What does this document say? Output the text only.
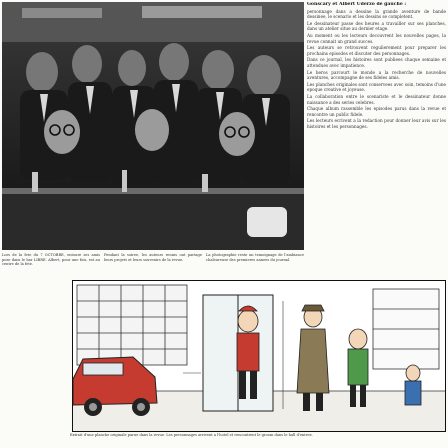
Gonscary et Albert Uderzo de gauche :

personnage dans a dessine la grande aventure de bande dessinee, le scenario et les dessins se completent.

Le dessinateur passe des heures a travailler sur ses planches, dans un atelier situe au dernier etage.

Au moment ou les lecteurs decouvrent les nouvelles pages, la revue connait un grand succes.

Les auteurs se retrouvent regulierement pour preparer les prochains episodes et discuter des personnages.

Dans ce journal, les histoires sont publiees chaque semaine et attendues avec impatience.

Le heros parcourt le monde a la recherche de nouvelles aventures, accompagne de ses fideles amis.

Les planches originales sont conservees avec soin, temoins d'une epoque creative et joyeuse.

La collaboration entre le scenariste et le dessinateur donne naissance a des series celebres.

Chaque album rassemble les episodes parus dans la revue et rencontre un public fidele.

Les lecteurs ecrivent a la redaction pour donner leur avis sur les histoires et les personnages.

Lors de la fete du 7 OCTOBRE, entoure ses amis pose dans le bar LIBRE. Albert, pour une fois, est au centre de la fete.
Pendant la soiree, les auteurs reunis ont partage leurs projets et leurs souvenirs de la revue.
La photographie reste un temoignage de l'ambiance chaleureuse des premieres annees du journal.
Extrait d'une planche originale parue dans la revue. Les personnages arrivent a l'hotel et rencontrent le groom dans le hall d'entree.
